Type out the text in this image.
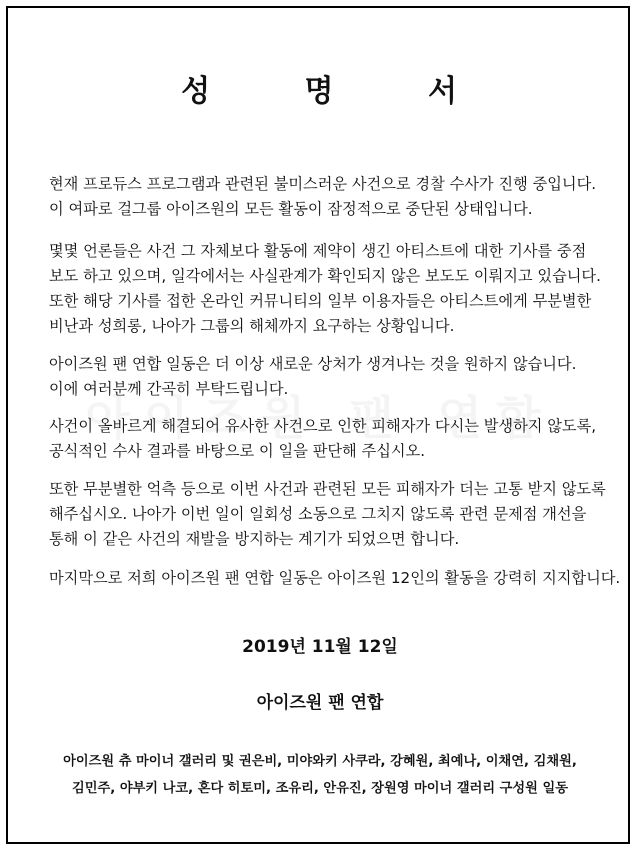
성	명	서
현재 프로듀스 프로그램과 관련된 불미스러운 사건으로 경찰 수사가 진행 중입니다.
이 여파로 걸그룹 아이즈원의 모든 활동이 잠정적으로 중단된 상태입니다.
몇몇 언론들은 사건 그 자체보다 활동에 제약이 생긴 아티스트에 대한 기사를 중점
보도 하고 있으며, 일각에서는 사실관계가 확인되지 않은 보도도 이뤄지고 있습니다.
또한 해당 기사를 접한 온라인 커뮤니티의 일부 이용자들은 아티스트에게 무분별한
비난과 성희롱, 나아가 그룹의 해체까지 요구하는 상황입니다.
아이즈원 팬 연합 일동은 더 이상 새로운 상처가 생겨나는 것을 원하지 않습니다.
이에 여러분께 간곡히 부탁드립니다.
사건이 올바르게 해결되어 유사한 사건으로 인한 피해자가 다시는 발생하지 않도록,
공식적인 수사 결과를 바탕으로 이 일을 판단해 주십시오.
또한 무분별한 억측 등으로 이번 사건과 관련된 모든 피해자가 더는 고통 받지 않도록
해주십시오. 나아가 이번 일이 일회성 소동으로 그치지 않도록 관련 문제점 개선을
통해 이 같은 사건의 재발을 방지하는 계기가 되었으면 합니다.
마지막으로 저희 아이즈원 팬 연합 일동은 아이즈원 12인의 활동을 강력히 지지합니다.
2019년 11월 12일
아이즈원 팬 연합
아이즈원 츄 마이너 갤러리 및 권은비, 미야와키 사쿠라, 강혜원, 최예나, 이채연, 김채원,
김민주, 야부키 나코, 혼다 히토미, 조유리, 안유진, 장원영 마이너 갤러리 구성원 일동
